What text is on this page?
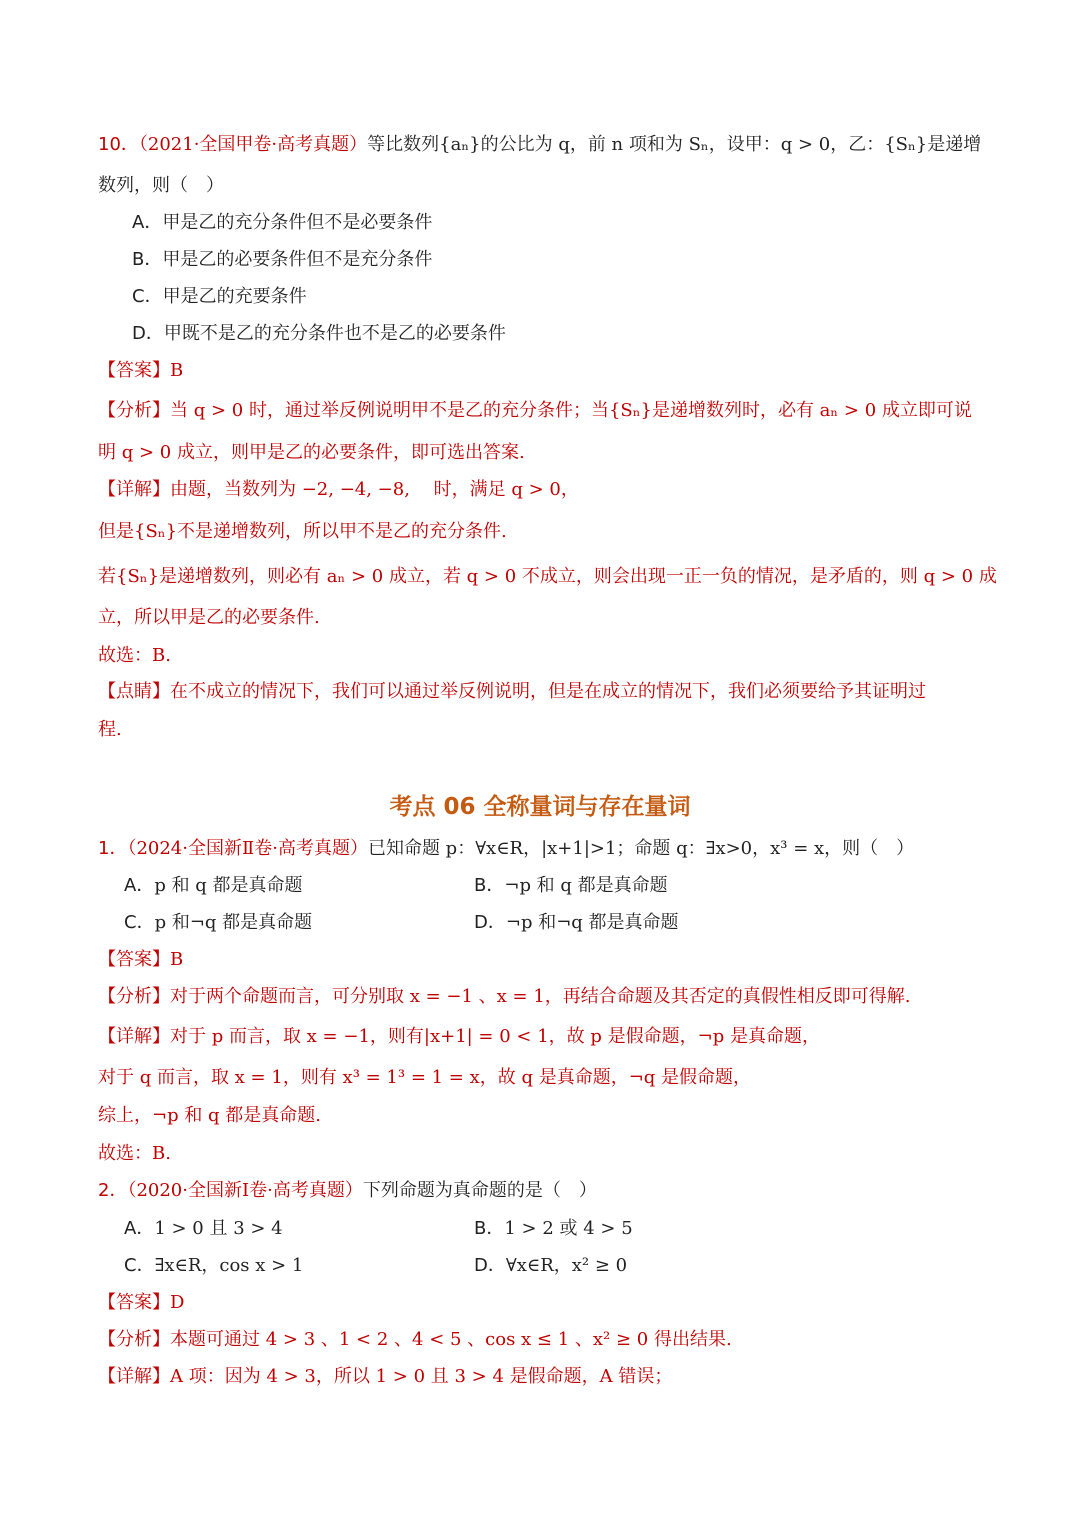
10．（2021·全国甲卷·高考真题）等比数列{aₙ}的公比为 q，前 n 项和为 Sₙ，设甲：q > 0，乙：{Sₙ}是递增
数列，则（　）
A．甲是乙的充分条件但不是必要条件
B．甲是乙的必要条件但不是充分条件
C．甲是乙的充要条件
D．甲既不是乙的充分条件也不是乙的必要条件
【答案】B
【分析】当 q > 0 时，通过举反例说明甲不是乙的充分条件；当{Sₙ}是递增数列时，必有 aₙ > 0 成立即可说
明 q > 0 成立，则甲是乙的必要条件，即可选出答案.
【详解】由题，当数列为 −2, −4, −8, 　时，满足 q > 0，
但是{Sₙ}不是递增数列，所以甲不是乙的充分条件.
若{Sₙ}是递增数列，则必有 aₙ > 0 成立，若 q > 0 不成立，则会出现一正一负的情况，是矛盾的，则 q > 0 成
立，所以甲是乙的必要条件.
故选：B.
【点睛】在不成立的情况下，我们可以通过举反例说明，但是在成立的情况下，我们必须要给予其证明过
程.
考点 06 全称量词与存在量词
1．（2024·全国新Ⅱ卷·高考真题）已知命题 p：∀x∈R，|x+1|>1；命题 q：∃x>0，x³ = x，则（　）
A．p 和 q 都是真命题	B．¬p 和 q 都是真命题
C．p 和¬q 都是真命题	D．¬p 和¬q 都是真命题
【答案】B
【分析】对于两个命题而言，可分别取 x = −1 、x = 1，再结合命题及其否定的真假性相反即可得解.
【详解】对于 p 而言，取 x = −1，则有|x+1| = 0 < 1，故 p 是假命题，¬p 是真命题，
对于 q 而言，取 x = 1，则有 x³ = 1³ = 1 = x，故 q 是真命题，¬q 是假命题，
综上，¬p 和 q 都是真命题.
故选：B.
2．（2020·全国新Ⅰ卷·高考真题）下列命题为真命题的是（　）
A．1 > 0 且 3 > 4	B．1 > 2 或 4 > 5
C．∃x∈R，cos x > 1	D．∀x∈R，x² ≥ 0
【答案】D
【分析】本题可通过 4 > 3 、1 < 2 、4 < 5 、cos x ≤ 1 、x² ≥ 0 得出结果.
【详解】A 项：因为 4 > 3，所以 1 > 0 且 3 > 4 是假命题，A 错误；
